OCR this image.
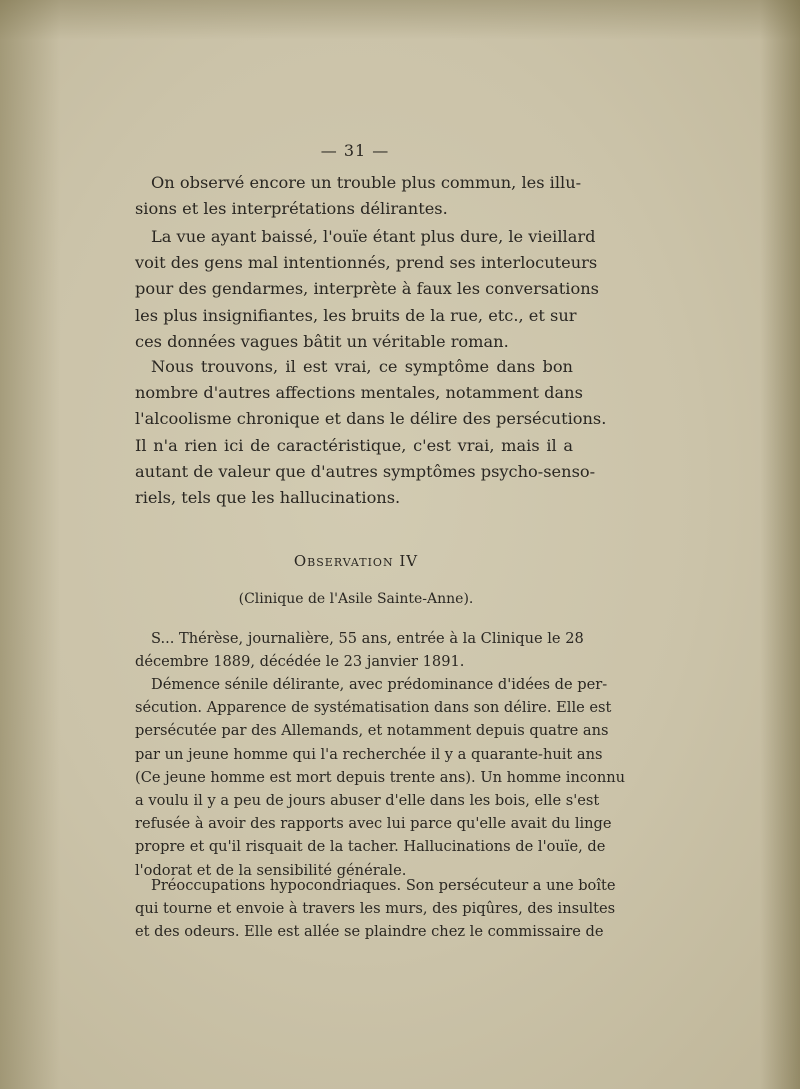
— 31 —
On observé encore un trouble plus commun, les illu-
sions et les interprétations délirantes.
La vue ayant baissé, l'ouïe étant plus dure, le vieillard
voit des gens mal intentionnés, prend ses interlocuteurs
pour des gendarmes, interprète à faux les conversations
les plus insignifiantes, les bruits de la rue, etc., et sur
ces données vagues bâtit un véritable roman.
Nous trouvons, il est vrai, ce symptôme dans bon
nombre d'autres affections mentales, notamment dans
l'alcoolisme chronique et dans le délire des persécutions.
Il n'a rien ici de caractéristique, c'est vrai, mais il a
autant de valeur que d'autres symptômes psycho-senso-
riels, tels que les hallucinations.
Observation IV
(Clinique de l'Asile Sainte-Anne).
S... Thérèse, journalière, 55 ans, entrée à la Clinique le 28
décembre 1889, décédée le 23 janvier 1891.
Démence sénile délirante, avec prédominance d'idées de per-
sécution. Apparence de systématisation dans son délire. Elle est
persécutée par des Allemands, et notamment depuis quatre ans
par un jeune homme qui l'a recherchée il y a quarante-huit ans
(Ce jeune homme est mort depuis trente ans). Un homme inconnu
a voulu il y a peu de jours abuser d'elle dans les bois, elle s'est
refusée à avoir des rapports avec lui parce qu'elle avait du linge
propre et qu'il risquait de la tacher. Hallucinations de l'ouïe, de
l'odorat et de la sensibilité générale.
Préoccupations hypocondriaques. Son persécuteur a une boîte
qui tourne et envoie à travers les murs, des piqûres, des insultes
et des odeurs. Elle est allée se plaindre chez le commissaire de
